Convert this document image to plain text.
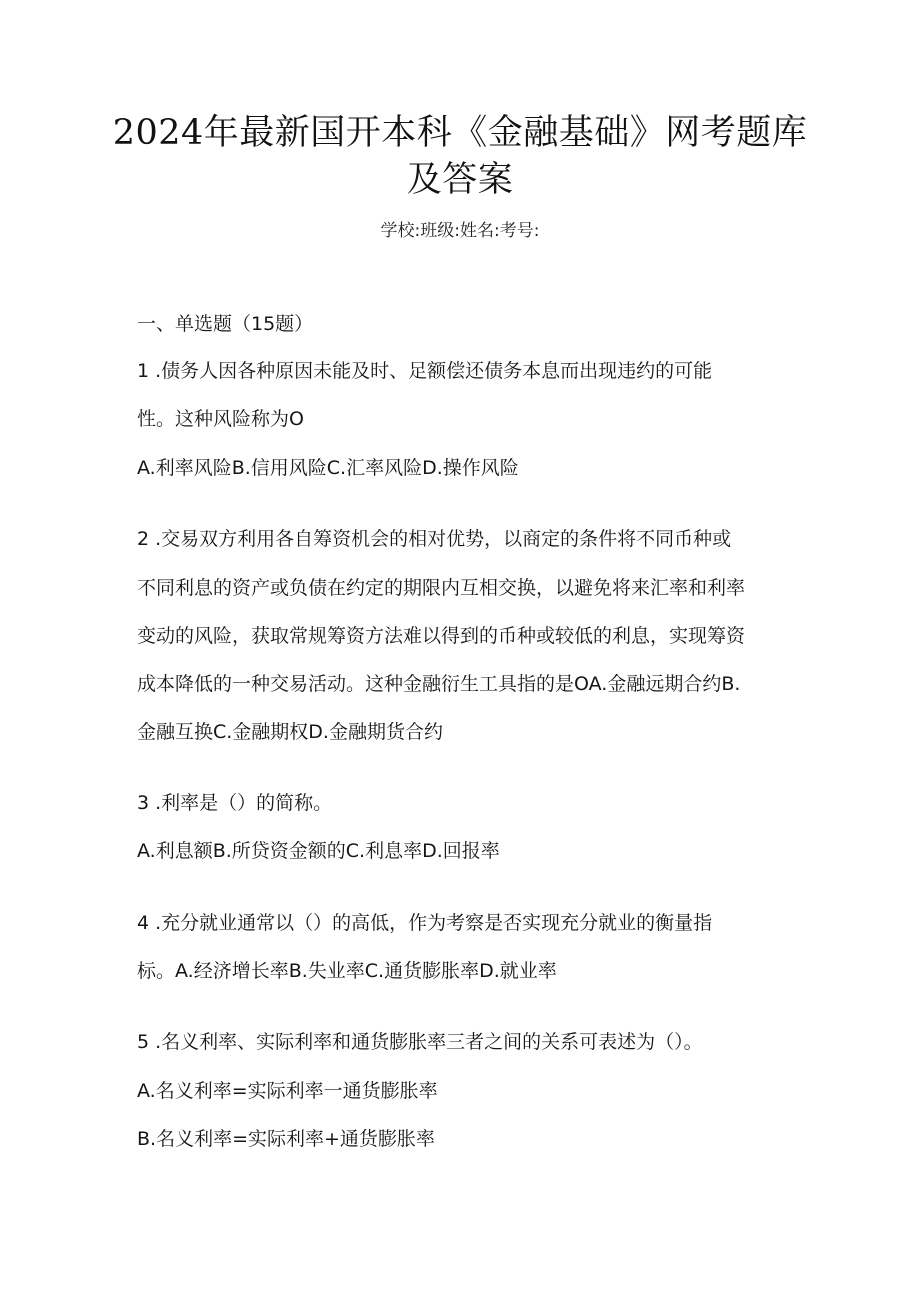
2024年最新国开本科《金融基础》网考题库
及答案
学校:班级:姓名:考号:
一、单选题（15题）
1 .债务人因各种原因未能及时、足额偿还债务本息而出现违约的可能
性。这种风险称为O
A.利率风险B.信用风险C.汇率风险D.操作风险
2 .交易双方利用各自筹资机会的相对优势，以商定的条件将不同币种或
不同利息的资产或负债在约定的期限内互相交换，以避免将来汇率和利率
变动的风险，获取常规筹资方法难以得到的币种或较低的利息，实现筹资
成本降低的一种交易活动。这种金融衍生工具指的是OA.金融远期合约B.
金融互换C.金融期权D.金融期货合约
3 .利率是（）的简称。
A.利息额B.所贷资金额的C.利息率D.回报率
4 .充分就业通常以（）的高低，作为考察是否实现充分就业的衡量指
标。A.经济增长率B.失业率C.通货膨胀率D.就业率
5 .名义利率、实际利率和通货膨胀率三者之间的关系可表述为（）。
A.名义利率=实际利率一通货膨胀率
B.名义利率=实际利率+通货膨胀率
